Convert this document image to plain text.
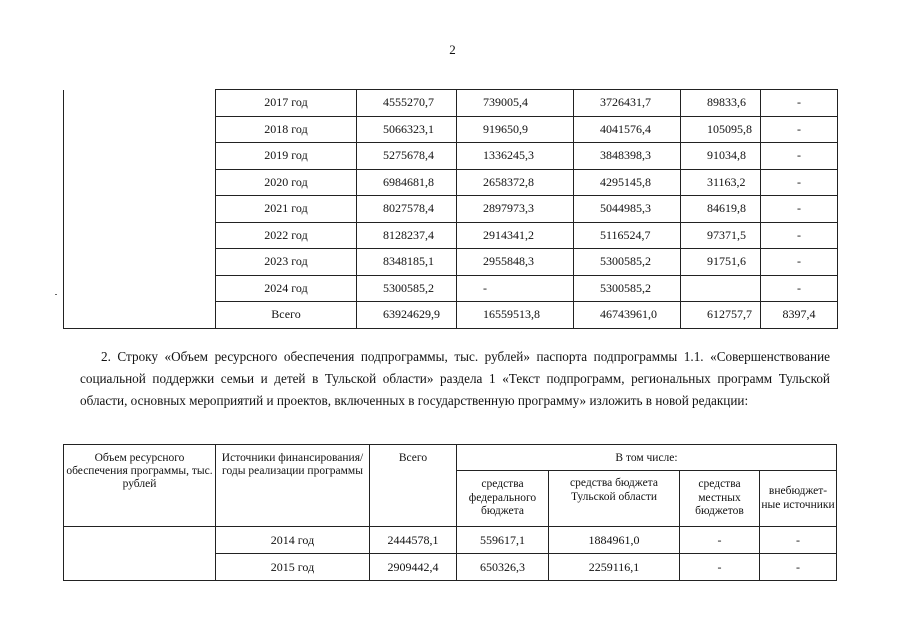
2
	2017 год	4555270,7	739005,4	3726431,7	89833,6	-
	2018 год	5066323,1	919650,9	4041576,4	105095,8	-
	2019 год	5275678,4	1336245,3	3848398,3	91034,8	-
	2020 год	6984681,8	2658372,8	4295145,8	31163,2	-
	2021 год	8027578,4	2897973,3	5044985,3	84619,8	-
	2022 год	8128237,4	2914341,2	5116524,7	97371,5	-
	2023 год	8348185,1	2955848,3	5300585,2	91751,6	-
	2024 год	5300585,2	-	5300585,2		-
	Всего	63924629,9	16559513,8	46743961,0	612757,7	8397,4
2. Строку «Объем ресурсного обеспечения подпрограммы, тыс. рублей» паспорта подпрограммы 1.1. «Совершенствование социальной поддержки семьи и детей в Тульской области» раздела 1 «Текст подпрограмм, региональных программ Тульской области, основных мероприятий и проектов, включенных в государственную программу» изложить в новой редакции:
Объем ресурсного обеспечения программы, тыс. рублей	Источники финансирования/годы реализации программы	Всего	В том числе:			
			средства федерального бюджета	средства бюджета Тульской области	средства местных бюджетов	внебюджет- ные источники
	2014 год	2444578,1	559617,1	1884961,0	-	-
	2015 год	2909442,4	650326,3	2259116,1	-	-
